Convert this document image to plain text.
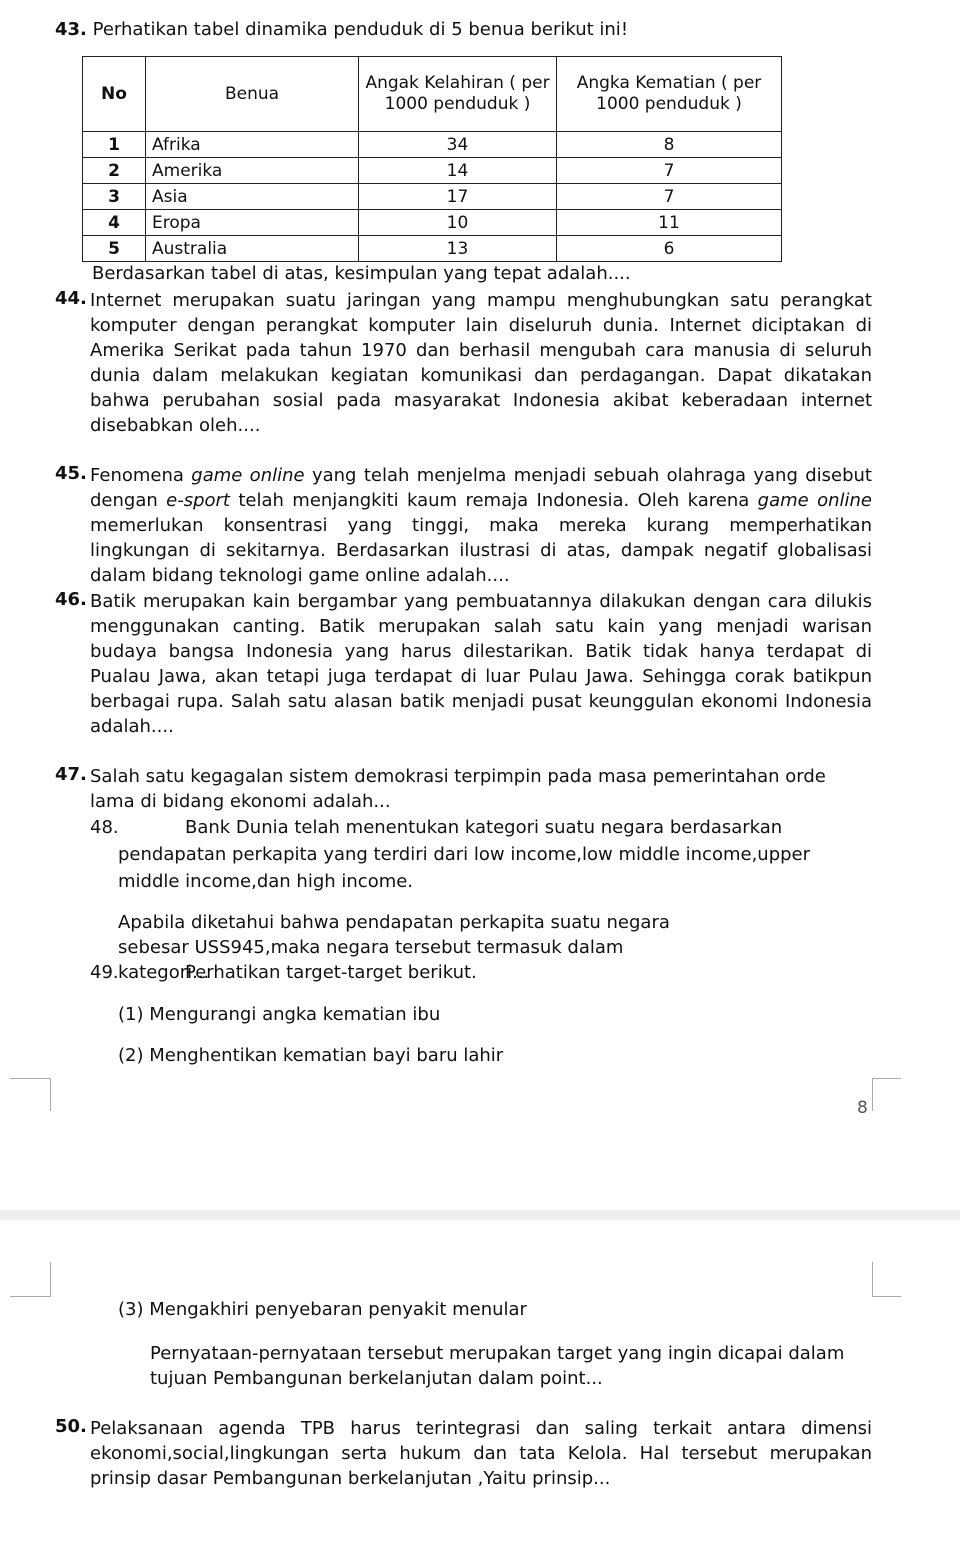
43. Perhatikan tabel dinamika penduduk di 5 benua berikut ini!
No	Benua	Angak Kelahiran ( per 1000 penduduk )	Angka Kematian ( per 1000 penduduk )
1	Afrika	34	8
2	Amerika	14	7
3	Asia	17	7
4	Eropa	10	11
5	Australia	13	6
Berdasarkan tabel di atas, kesimpulan yang tepat adalah....
44. Internet merupakan suatu jaringan yang mampu menghubungkan satu perangkat komputer dengan perangkat komputer lain diseluruh dunia. Internet diciptakan di Amerika Serikat pada tahun 1970 dan berhasil mengubah cara manusia di seluruh dunia dalam melakukan kegiatan komunikasi dan perdagangan. Dapat dikatakan bahwa perubahan sosial pada masyarakat Indonesia akibat keberadaan internet disebabkan oleh....
45. Fenomena game online yang telah menjelma menjadi sebuah olahraga yang disebut dengan e-sport telah menjangkiti kaum remaja Indonesia. Oleh karena game online memerlukan konsentrasi yang tinggi, maka mereka kurang memperhatikan lingkungan di sekitarnya. Berdasarkan ilustrasi di atas, dampak negatif globalisasi dalam bidang teknologi game online adalah....
46. Batik merupakan kain bergambar yang pembuatannya dilakukan dengan cara dilukis menggunakan canting. Batik merupakan salah satu kain yang menjadi warisan budaya bangsa Indonesia yang harus dilestarikan. Batik tidak hanya terdapat di Pualau Jawa, akan tetapi juga terdapat di luar Pulau Jawa. Sehingga corak batikpun berbagai rupa. Salah satu alasan batik menjadi pusat keunggulan ekonomi Indonesia adalah....
47. Salah satu kegagalan sistem demokrasi terpimpin pada masa pemerintahan orde lama di bidang ekonomi adalah...
48.	Bank Dunia telah menentukan kategori suatu negara berdasarkan
pendapatan perkapita yang terdiri dari low income,low middle income,upper
middle income,dan high income.
Apabila diketahui bahwa pendapatan perkapita suatu negara sebesar USS945,maka negara tersebut termasuk dalam kategori...
49.	Perhatikan target-target berikut.
(1) Mengurangi angka kematian ibu
(2) Menghentikan kematian bayi baru lahir
8
(3) Mengakhiri penyebaran penyakit menular
Pernyataan-pernyataan tersebut merupakan target yang ingin dicapai dalam tujuan Pembangunan berkelanjutan dalam point...
50. Pelaksanaan agenda TPB harus terintegrasi dan saling terkait antara dimensi ekonomi,social,lingkungan serta hukum dan tata Kelola. Hal tersebut merupakan prinsip dasar Pembangunan berkelanjutan ,Yaitu prinsip...
